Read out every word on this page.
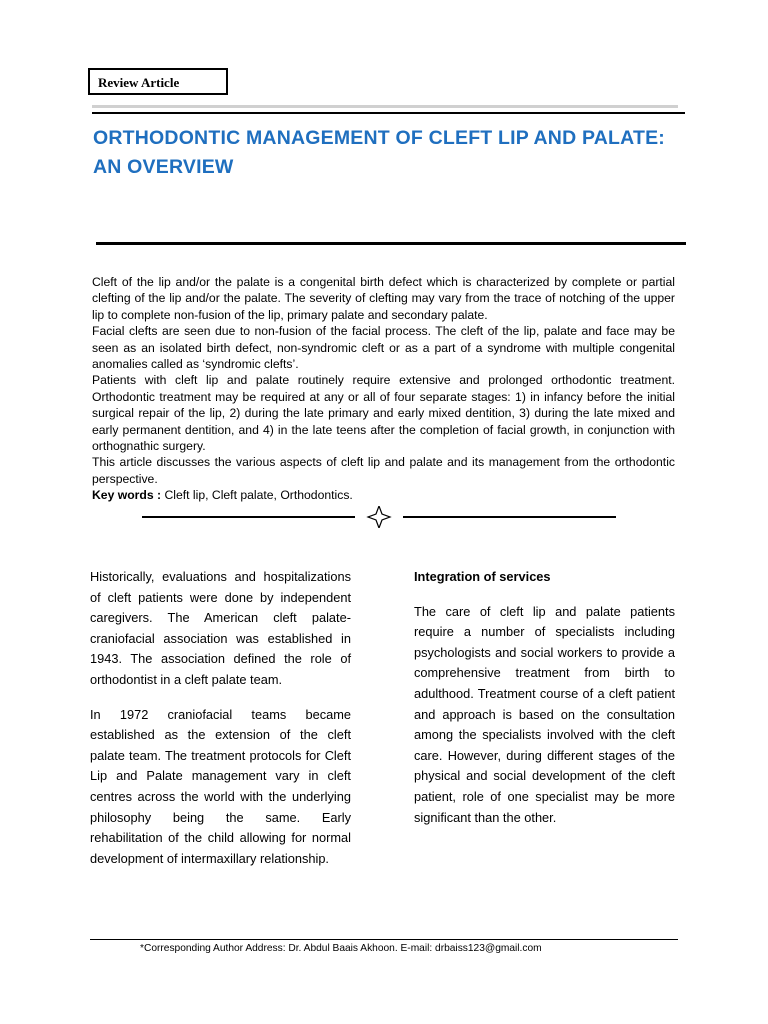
Review Article
ORTHODONTIC MANAGEMENT OF CLEFT LIP AND PALATE: AN OVERVIEW

Cleft of the lip and/or the palate is a congenital birth defect which is characterized by complete or partial clefting of the lip and/or the palate. The severity of clefting may vary from the trace of notching of the upper lip to complete non-fusion of the lip, primary palate and secondary palate.

Facial clefts are seen due to non-fusion of the facial process. The cleft of the lip, palate and face may be seen as an isolated birth defect, non-syndromic cleft or as a part of a syndrome with multiple congenital anomalies called as ‘syndromic clefts’.

Patients with cleft lip and palate routinely require extensive and prolonged orthodontic treatment. Orthodontic treatment may be required at any or all of four separate stages: 1) in infancy before the initial surgical repair of the lip, 2) during the late primary and early mixed dentition, 3) during the late mixed and early permanent dentition, and 4) in the late teens after the completion of facial growth, in conjunction with orthognathic surgery.

This article discusses the various aspects of cleft lip and palate and its management from the orthodontic perspective.

Key words : Cleft lip, Cleft palate, Orthodontics.

Historically, evaluations and hospitalizations of cleft patients were done by independent caregivers. The American cleft palate-craniofacial association was established in 1943. The association defined the role of orthodontist in a cleft palate team.

In 1972 craniofacial teams became established as the extension of the cleft palate team. The treatment protocols for Cleft Lip and Palate management vary in cleft centres across the world with the underlying philosophy being the same. Early rehabilitation of the child allowing for normal development of intermaxillary relationship.

Integration of services

The care of cleft lip and palate patients require a number of specialists including psychologists and social workers to provide a comprehensive treatment from birth to adulthood. Treatment course of a cleft patient and approach is based on the consultation among the specialists involved with the cleft care. However, during different stages of the physical and social development of the cleft patient, role of one specialist may be more significant than the other.

*Corresponding Author Address: Dr. Abdul Baais Akhoon. E-mail: drbaiss123@gmail.com
